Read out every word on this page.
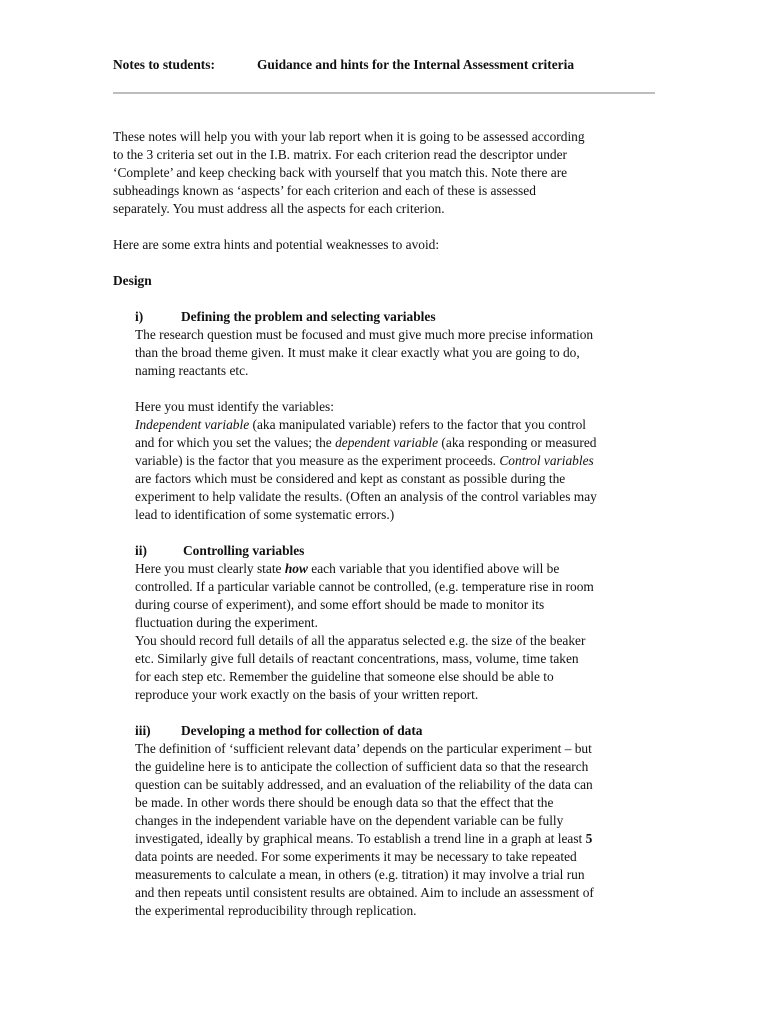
Notes to students:	Guidance and hints for the Internal Assessment criteria

These notes will help you with your lab report when it is going to be assessed according

to the 3 criteria set out in the I.B. matrix. For each criterion read the descriptor under

‘Complete’ and keep checking back with yourself that you match this. Note there are

subheadings known as ‘aspects’ for each criterion and each of these is assessed

separately. You must address all the aspects for each criterion.

Here are some extra hints and potential weaknesses to avoid:

Design

i)	Defining the problem and selecting variables

The research question must be focused and must give much more precise information

than the broad theme given. It must make it clear exactly what you are going to do,

naming reactants etc.

Here you must identify the variables:

Independent variable (aka manipulated variable) refers to the factor that you control

and for which you set the values; the dependent variable (aka responding or measured

variable) is the factor that you measure as the experiment proceeds. Control variables

are factors which must be considered and kept as constant as possible during the

experiment to help validate the results. (Often an analysis of the control variables may

lead to identification of some systematic errors.)

ii)	Controlling variables

Here you must clearly state how each variable that you identified above will be

controlled. If a particular variable cannot be controlled, (e.g. temperature rise in room

during course of experiment), and some effort should be made to monitor its

fluctuation during the experiment.

You should record full details of all the apparatus selected e.g. the size of the beaker

etc. Similarly give full details of reactant concentrations, mass, volume, time taken

for each step etc. Remember the guideline that someone else should be able to

reproduce your work exactly on the basis of your written report.

iii)	Developing a method for collection of data

The definition of ‘sufficient relevant data’ depends on the particular experiment – but

the guideline here is to anticipate the collection of sufficient data so that the research

question can be suitably addressed, and an evaluation of the reliability of the data can

be made. In other words there should be enough data so that the effect that the

changes in the independent variable have on the dependent variable can be fully

investigated, ideally by graphical means. To establish a trend line in a graph at least 5

data points are needed. For some experiments it may be necessary to take repeated

measurements to calculate a mean, in others (e.g. titration) it may involve a trial run

and then repeats until consistent results are obtained. Aim to include an assessment of

the experimental reproducibility through replication.
